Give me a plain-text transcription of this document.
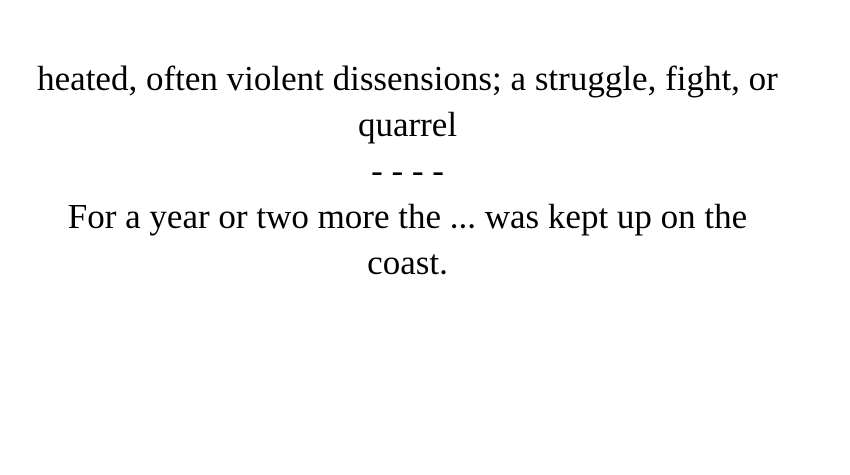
heated, often violent dissensions; a struggle, fight, or quarrel

- - - -

For a year or two more the ... was kept up on the coast.
